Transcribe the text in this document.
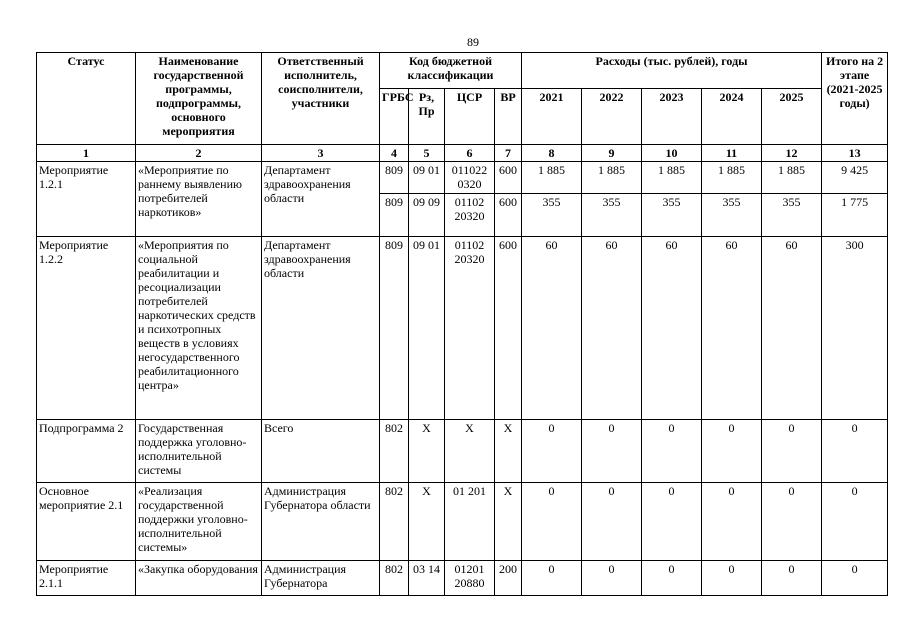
89
Статус	Наименование государственной программы, подпрограммы, основного мероприятия	Ответственный исполнитель, соисполнители, участники	Код бюджетной классификации				Расходы (тыс. рублей), годы					Итого на 2 этапе (2021-2025 годы)
			ГРБС	Рз, Пр	ЦСР	ВР	2021	2022	2023	2024	2025	
1	2	3	4	5	6	7	8	9	10	11	12	13
Мероприятие 1.2.1	«Мероприятие по раннему выявлению потребителей наркотиков»	Департамент здравоохранения области	809	09 01	011022 0320	600	1 885	1 885	1 885	1 885	1 885	9 425
			809	09 09	01102 20320	600	355	355	355	355	355	1 775
Мероприятие 1.2.2	«Мероприятия по социальной реабилитации и ресоциализации потребителей наркотических средств и психотропных веществ в условиях негосударственного реабилитационного центра»	Департамент здравоохранения области	809	09 01	01102 20320	600	60	60	60	60	60	300
Подпрограмма 2	Государственная поддержка уголовно-исполнительной системы	Всего	802	Х	Х	Х	0	0	0	0	0	0
Основное мероприятие 2.1	«Реализация государственной поддержки уголовно-исполнительной системы»	Администрация Губернатора области	802	Х	01 201	Х	0	0	0	0	0	0
Мероприятие 2.1.1	«Закупка оборудования	Администрация Губернатора	802	03 14	01201 20880	200	0	0	0	0	0	0
